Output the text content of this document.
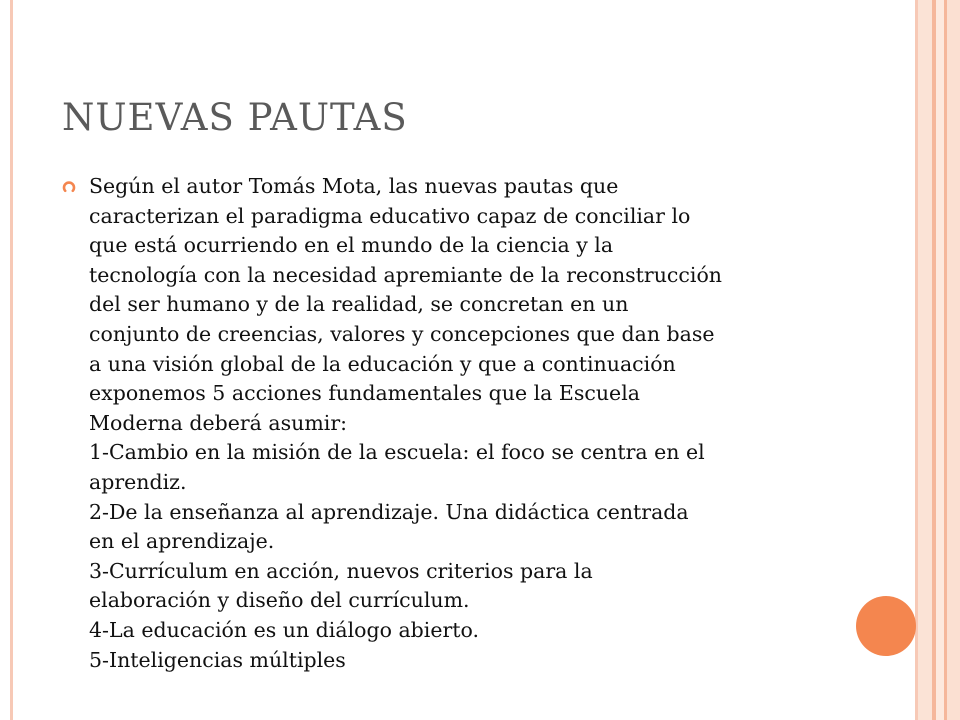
NUEVAS PAUTAS
Según el autor Tomás Mota, las nuevas pautas que
caracterizan el paradigma educativo capaz de conciliar lo
que está ocurriendo en el mundo de la ciencia y la
tecnología con la necesidad apremiante de la reconstrucción
del ser humano y de la realidad, se concretan en un
conjunto de creencias, valores y concepciones que dan base
a una visión global de la educación y que a continuación
exponemos 5 acciones fundamentales que la Escuela
Moderna deberá asumir:
1-Cambio en la misión de la escuela: el foco se centra en el
aprendiz.
2-De la enseñanza al aprendizaje. Una didáctica centrada
en el aprendizaje.
3-Currículum en acción, nuevos criterios para la
elaboración y diseño del currículum.
4-La educación es un diálogo abierto.
5-Inteligencias múltiples
